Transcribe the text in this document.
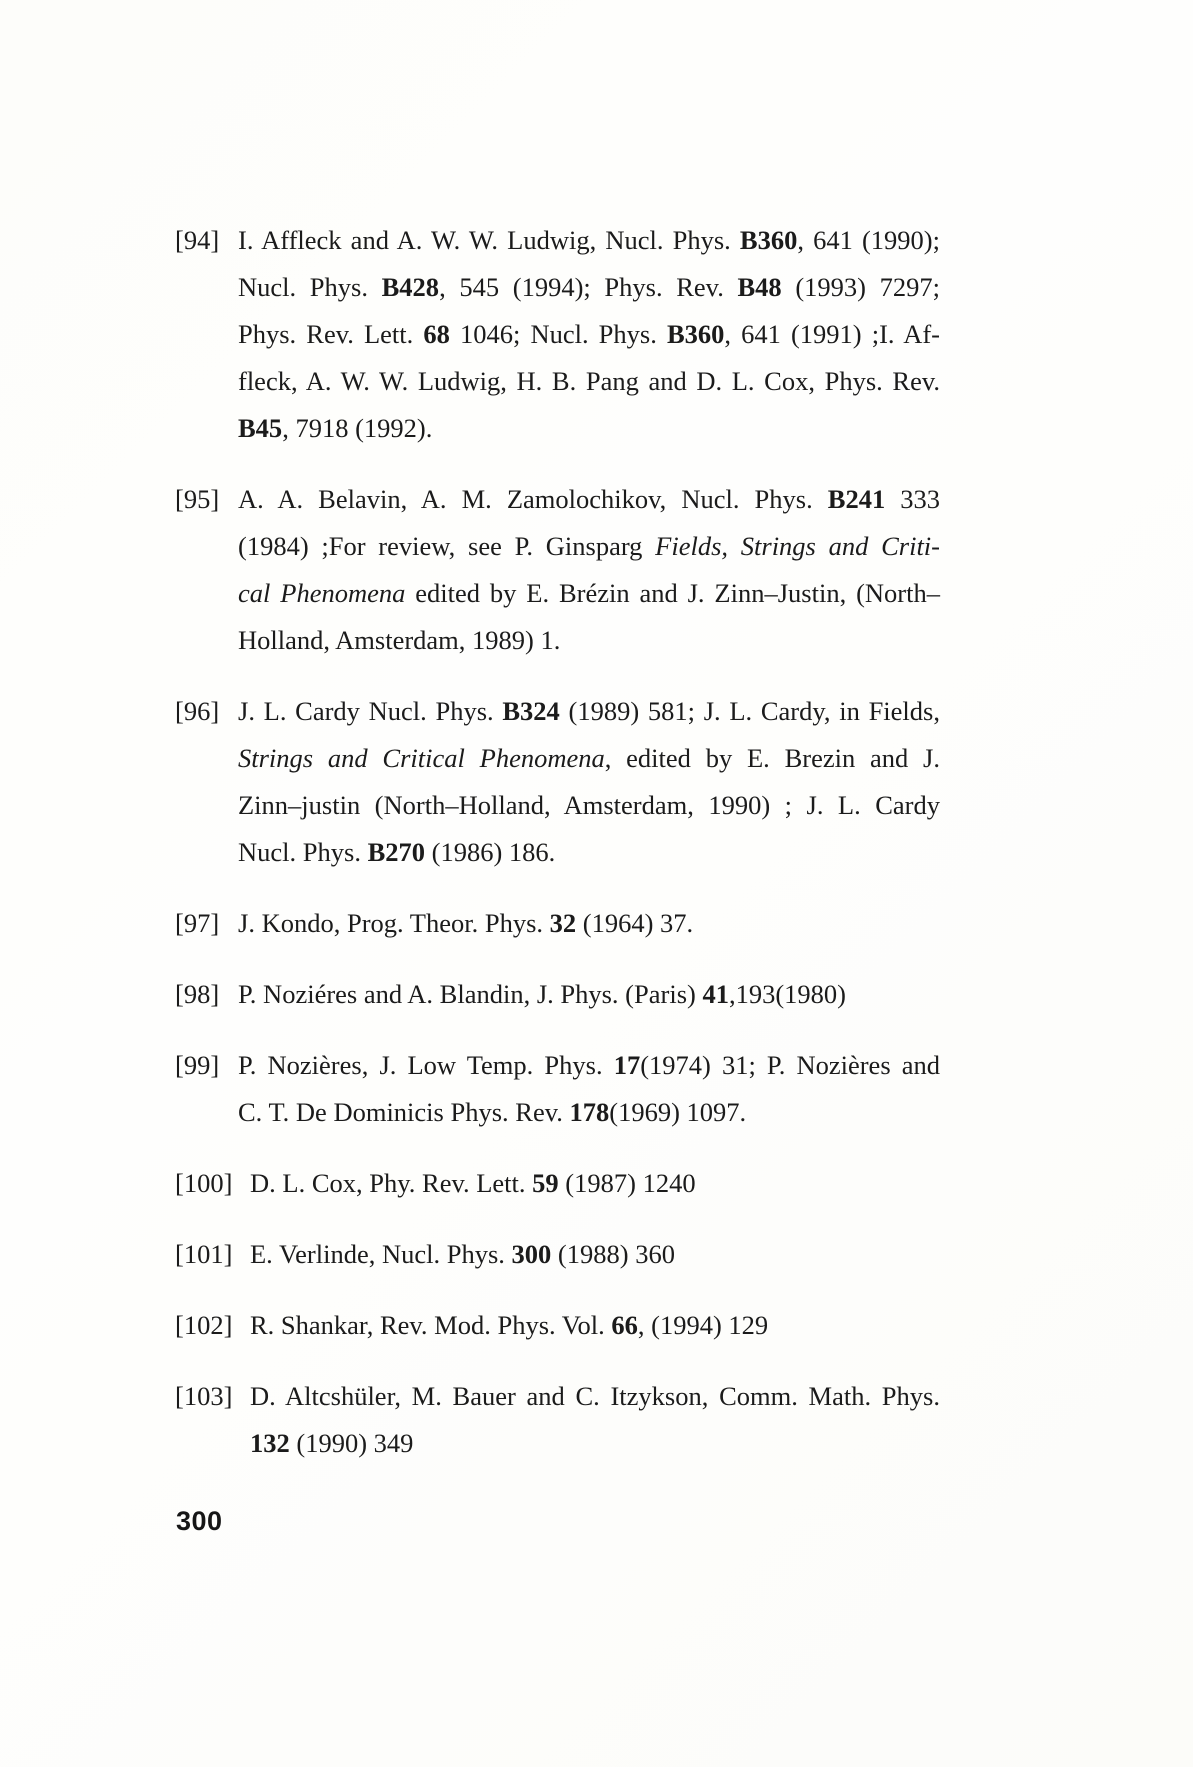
[94] I. Affleck and A. W. W. Ludwig, Nucl. Phys. B360, 641 (1990);
Nucl. Phys. B428, 545 (1994); Phys. Rev. B48 (1993) 7297;
Phys. Rev. Lett. 68 1046; Nucl. Phys. B360, 641 (1991) ;I. Af-
fleck, A. W. W. Ludwig, H. B. Pang and D. L. Cox, Phys. Rev.
B45, 7918 (1992).
[95] A. A. Belavin, A. M. Zamolochikov, Nucl. Phys. B241 333
(1984) ;For review, see P. Ginsparg Fields, Strings and Criti-
cal Phenomena edited by E. Brézin and J. Zinn–Justin, (North–
Holland, Amsterdam, 1989) 1.
[96] J. L. Cardy Nucl. Phys. B324 (1989) 581; J. L. Cardy, in Fields,
Strings and Critical Phenomena, edited by E. Brezin and J.
Zinn–justin (North–Holland, Amsterdam, 1990) ; J. L. Cardy
Nucl. Phys. B270 (1986) 186.
[97] J. Kondo, Prog. Theor. Phys. 32 (1964) 37.
[98] P. Noziéres and A. Blandin, J. Phys. (Paris) 41,193(1980)
[99] P. Nozières, J. Low Temp. Phys. 17(1974) 31; P. Nozières and
C. T. De Dominicis Phys. Rev. 178(1969) 1097.
[100] D. L. Cox, Phy. Rev. Lett. 59 (1987) 1240
[101] E. Verlinde, Nucl. Phys. 300 (1988) 360
[102] R. Shankar, Rev. Mod. Phys. Vol. 66, (1994) 129
[103] D. Altcshüler, M. Bauer and C. Itzykson, Comm. Math. Phys.
132 (1990) 349
300
